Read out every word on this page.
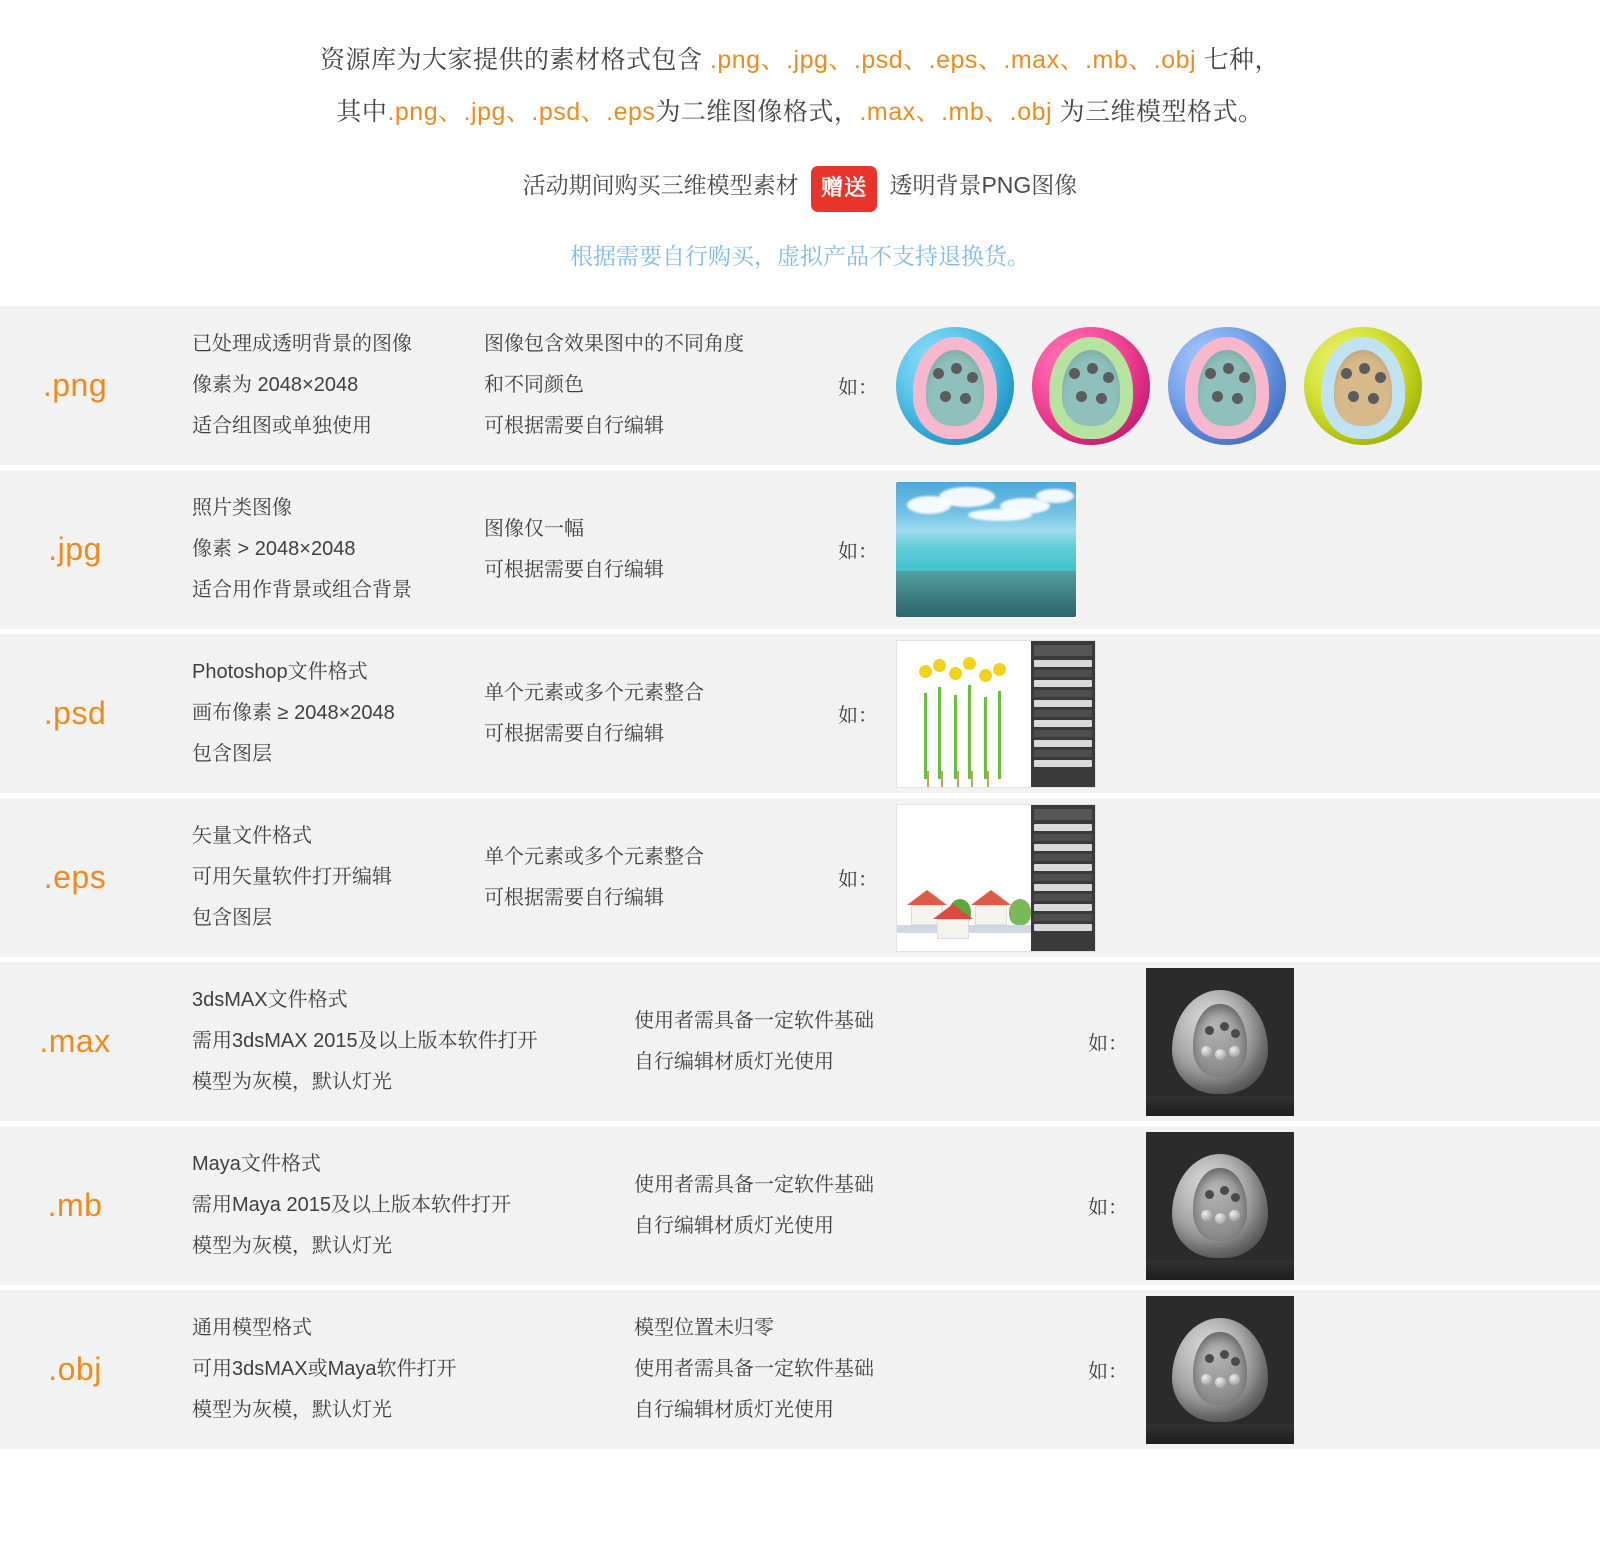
资源库为大家提供的素材格式包含 .png、.jpg、.psd、.eps、.max、.mb、.obj 七种，
其中.png、.jpg、.psd、.eps为二维图像格式，.max、.mb、.obj 为三维模型格式。
活动期间购买三维模型素材 赠送 透明背景PNG图像
根据需要自行购买，虚拟产品不支持退换货。
.png
已处理成透明背景的图像
像素为 2048×2048
适合组图或单独使用
图像包含效果图中的不同角度
和不同颜色
可根据需要自行编辑
如：
.jpg
照片类图像
像素 > 2048×2048
适合用作背景或组合背景
图像仅一幅
可根据需要自行编辑
如：
.psd
Photoshop文件格式
画布像素 ≥ 2048×2048
包含图层
单个元素或多个元素整合
可根据需要自行编辑
如：
.eps
矢量文件格式
可用矢量软件打开编辑
包含图层
单个元素或多个元素整合
可根据需要自行编辑
如：
.max
3dsMAX文件格式
需用3dsMAX 2015及以上版本软件打开
模型为灰模，默认灯光
使用者需具备一定软件基础
自行编辑材质灯光使用
如：
.mb
Maya文件格式
需用Maya 2015及以上版本软件打开
模型为灰模，默认灯光
使用者需具备一定软件基础
自行编辑材质灯光使用
如：
.obj
通用模型格式
可用3dsMAX或Maya软件打开
模型为灰模，默认灯光
模型位置未归零
使用者需具备一定软件基础
自行编辑材质灯光使用
如：
